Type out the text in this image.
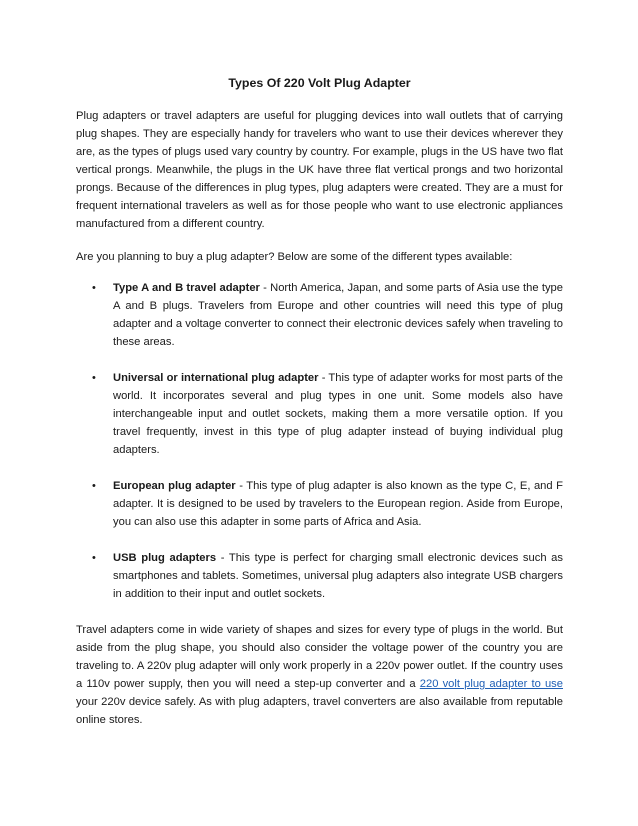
Types Of 220 Volt Plug Adapter

Plug adapters or travel adapters are useful for plugging devices into wall outlets that of carrying plug shapes. They are especially handy for travelers who want to use their devices wherever they are, as the types of plugs used vary country by country. For example, plugs in the US have two flat vertical prongs. Meanwhile, the plugs in the UK have three flat vertical prongs and two horizontal prongs. Because of the differences in plug types, plug adapters were created. They are a must for frequent international travelers as well as for those people who want to use electronic appliances manufactured from a different country.

Are you planning to buy a plug adapter? Below are some of the different types available:

• Type A and B travel adapter - North America, Japan, and some parts of Asia use the type A and B plugs. Travelers from Europe and other countries will need this type of plug adapter and a voltage converter to connect their electronic devices safely when traveling to these areas.
• Universal or international plug adapter - This type of adapter works for most parts of the world. It incorporates several and plug types in one unit. Some models also have interchangeable input and outlet sockets, making them a more versatile option. If you travel frequently, invest in this type of plug adapter instead of buying individual plug adapters.
• European plug adapter - This type of plug adapter is also known as the type C, E, and F adapter. It is designed to be used by travelers to the European region. Aside from Europe, you can also use this adapter in some parts of Africa and Asia.
• USB plug adapters - This type is perfect for charging small electronic devices such as smartphones and tablets. Sometimes, universal plug adapters also integrate USB chargers in addition to their input and outlet sockets.

Travel adapters come in wide variety of shapes and sizes for every type of plugs in the world. But aside from the plug shape, you should also consider the voltage power of the country you are traveling to. A 220v plug adapter will only work properly in a 220v power outlet. If the country uses a 110v power supply, then you will need a step-up converter and a 220 volt plug adapter to use your 220v device safely. As with plug adapters, travel converters are also available from reputable online stores.
